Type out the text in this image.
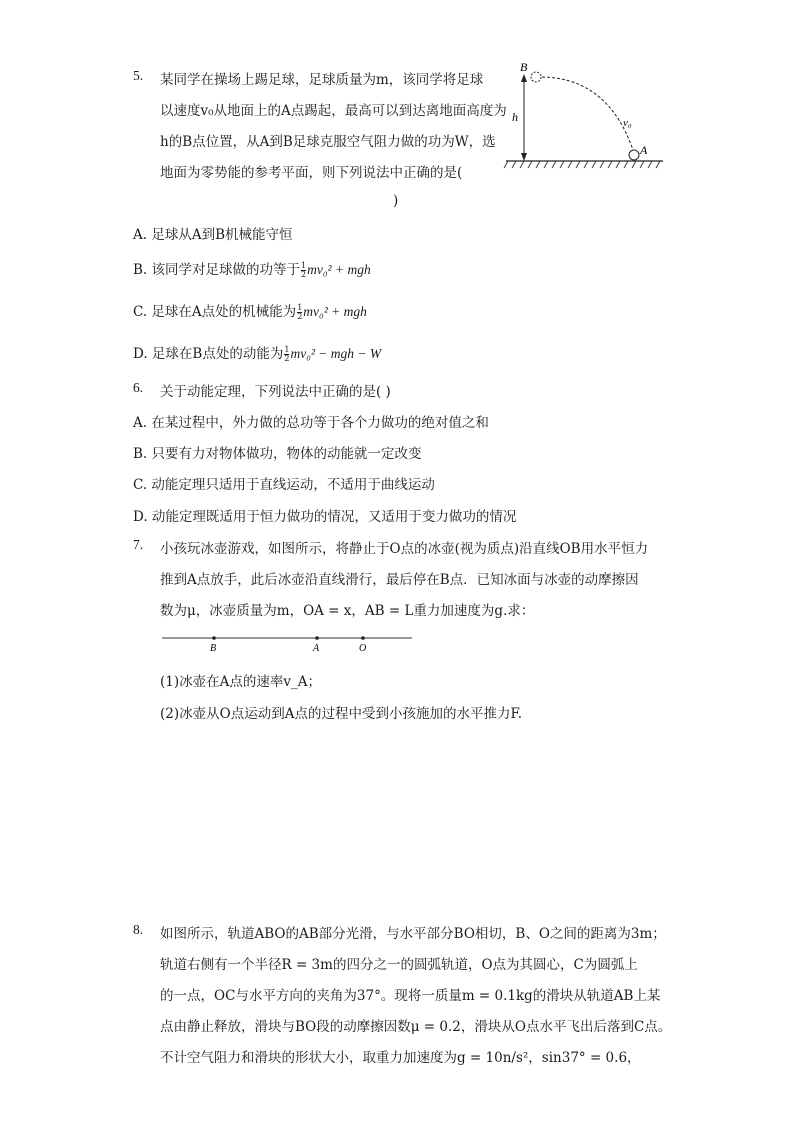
5. 某同学在操场上踢足球，足球质量为m，该同学将足球
以速度v₀从地面上的A点踢起，最高可以到达离地面高度为
h的B点位置，从A到B足球克服空气阻力做的功为W，选
地面为零势能的参考平面，则下列说法中正确的是(
)
B
h	v₀
A
A. 足球从A到B机械能守恒
B. 该同学对足球做的功等于 $\frac{1}{2} mv_0^2$ + mgh
C. 足球在A点处的机械能为 $\frac{1}{2} mv_0^2$ + mgh
D. 足球在B点处的动能为 $\frac{1}{2} mv_0^2$ − mgh − W
6. 关于动能定理，下列说法中正确的是( )
A. 在某过程中，外力做的总功等于各个力做功的绝对值之和
B. 只要有力对物体做功，物体的动能就一定改变
C. 动能定理只适用于直线运动，不适用于曲线运动
D. 动能定理既适用于恒力做功的情况，又适用于变力做功的情况
7. 小孩玩冰壶游戏，如图所示，将静止于O点的冰壶(视为质点)沿直线OB用水平恒力
推到A点放手，此后冰壶沿直线滑行，最后停在B点．已知冰面与冰壶的动摩擦因
数为μ，冰壶质量为m，OA = x，AB = L重力加速度为g.求：
B	A	O
(1)冰壶在A点的速率v_A；
(2)冰壶从O点运动到A点的过程中受到小孩施加的水平推力F.
8. 如图所示，轨道ABO的AB部分光滑，与水平部分BO相切，B、O之间的距离为3m；
轨道右侧有一个半径R = 3m的四分之一的圆弧轨道，O点为其圆心，C为圆弧上
的一点，OC与水平方向的夹角为37°。现将一质量m = 0.1kg的滑块从轨道AB上某
点由静止释放，滑块与BO段的动摩擦因数μ = 0.2，滑块从O点水平飞出后落到C点。
不计空气阻力和滑块的形状大小，取重力加速度为g = 10n/s²，sin37° = 0.6，
